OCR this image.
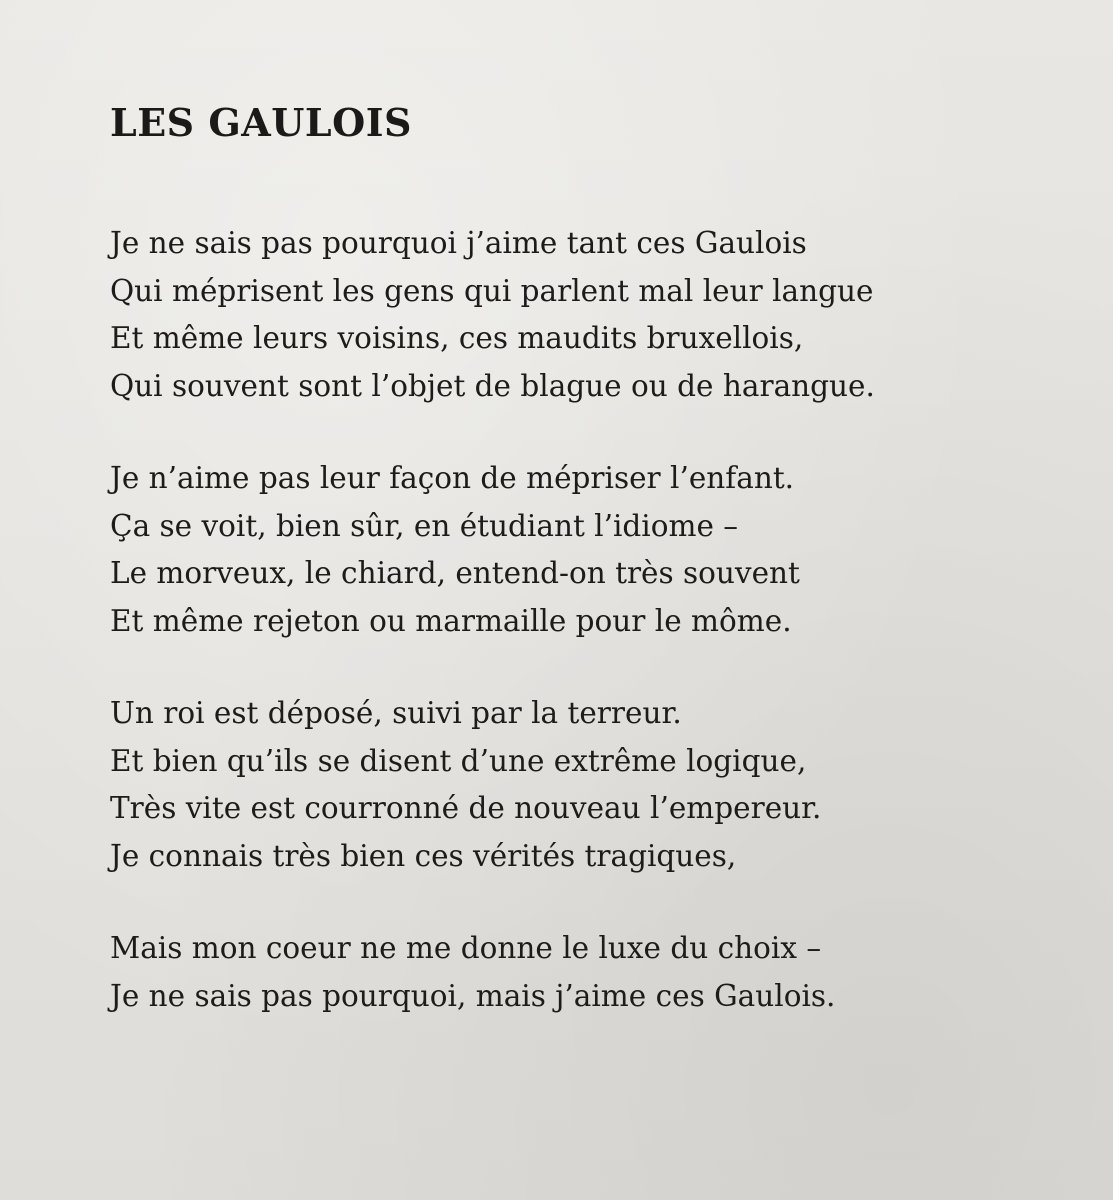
LES GAULOIS
Je ne sais pas pourquoi j’aime tant ces Gaulois
Qui méprisent les gens qui parlent mal leur langue
Et même leurs voisins, ces maudits bruxellois,
Qui souvent sont l’objet de blague ou de harangue.
Je n’aime pas leur façon de mépriser l’enfant.
Ça se voit, bien sûr, en étudiant l’idiome –
Le morveux, le chiard, entend-on très souvent
Et même rejeton ou marmaille pour le môme.
Un roi est déposé, suivi par la terreur.
Et bien qu’ils se disent d’une extrême logique,
Très vite est courronné de nouveau l’empereur.
Je connais très bien ces vérités tragiques,
Mais mon coeur ne me donne le luxe du choix –
Je ne sais pas pourquoi, mais j’aime ces Gaulois.
